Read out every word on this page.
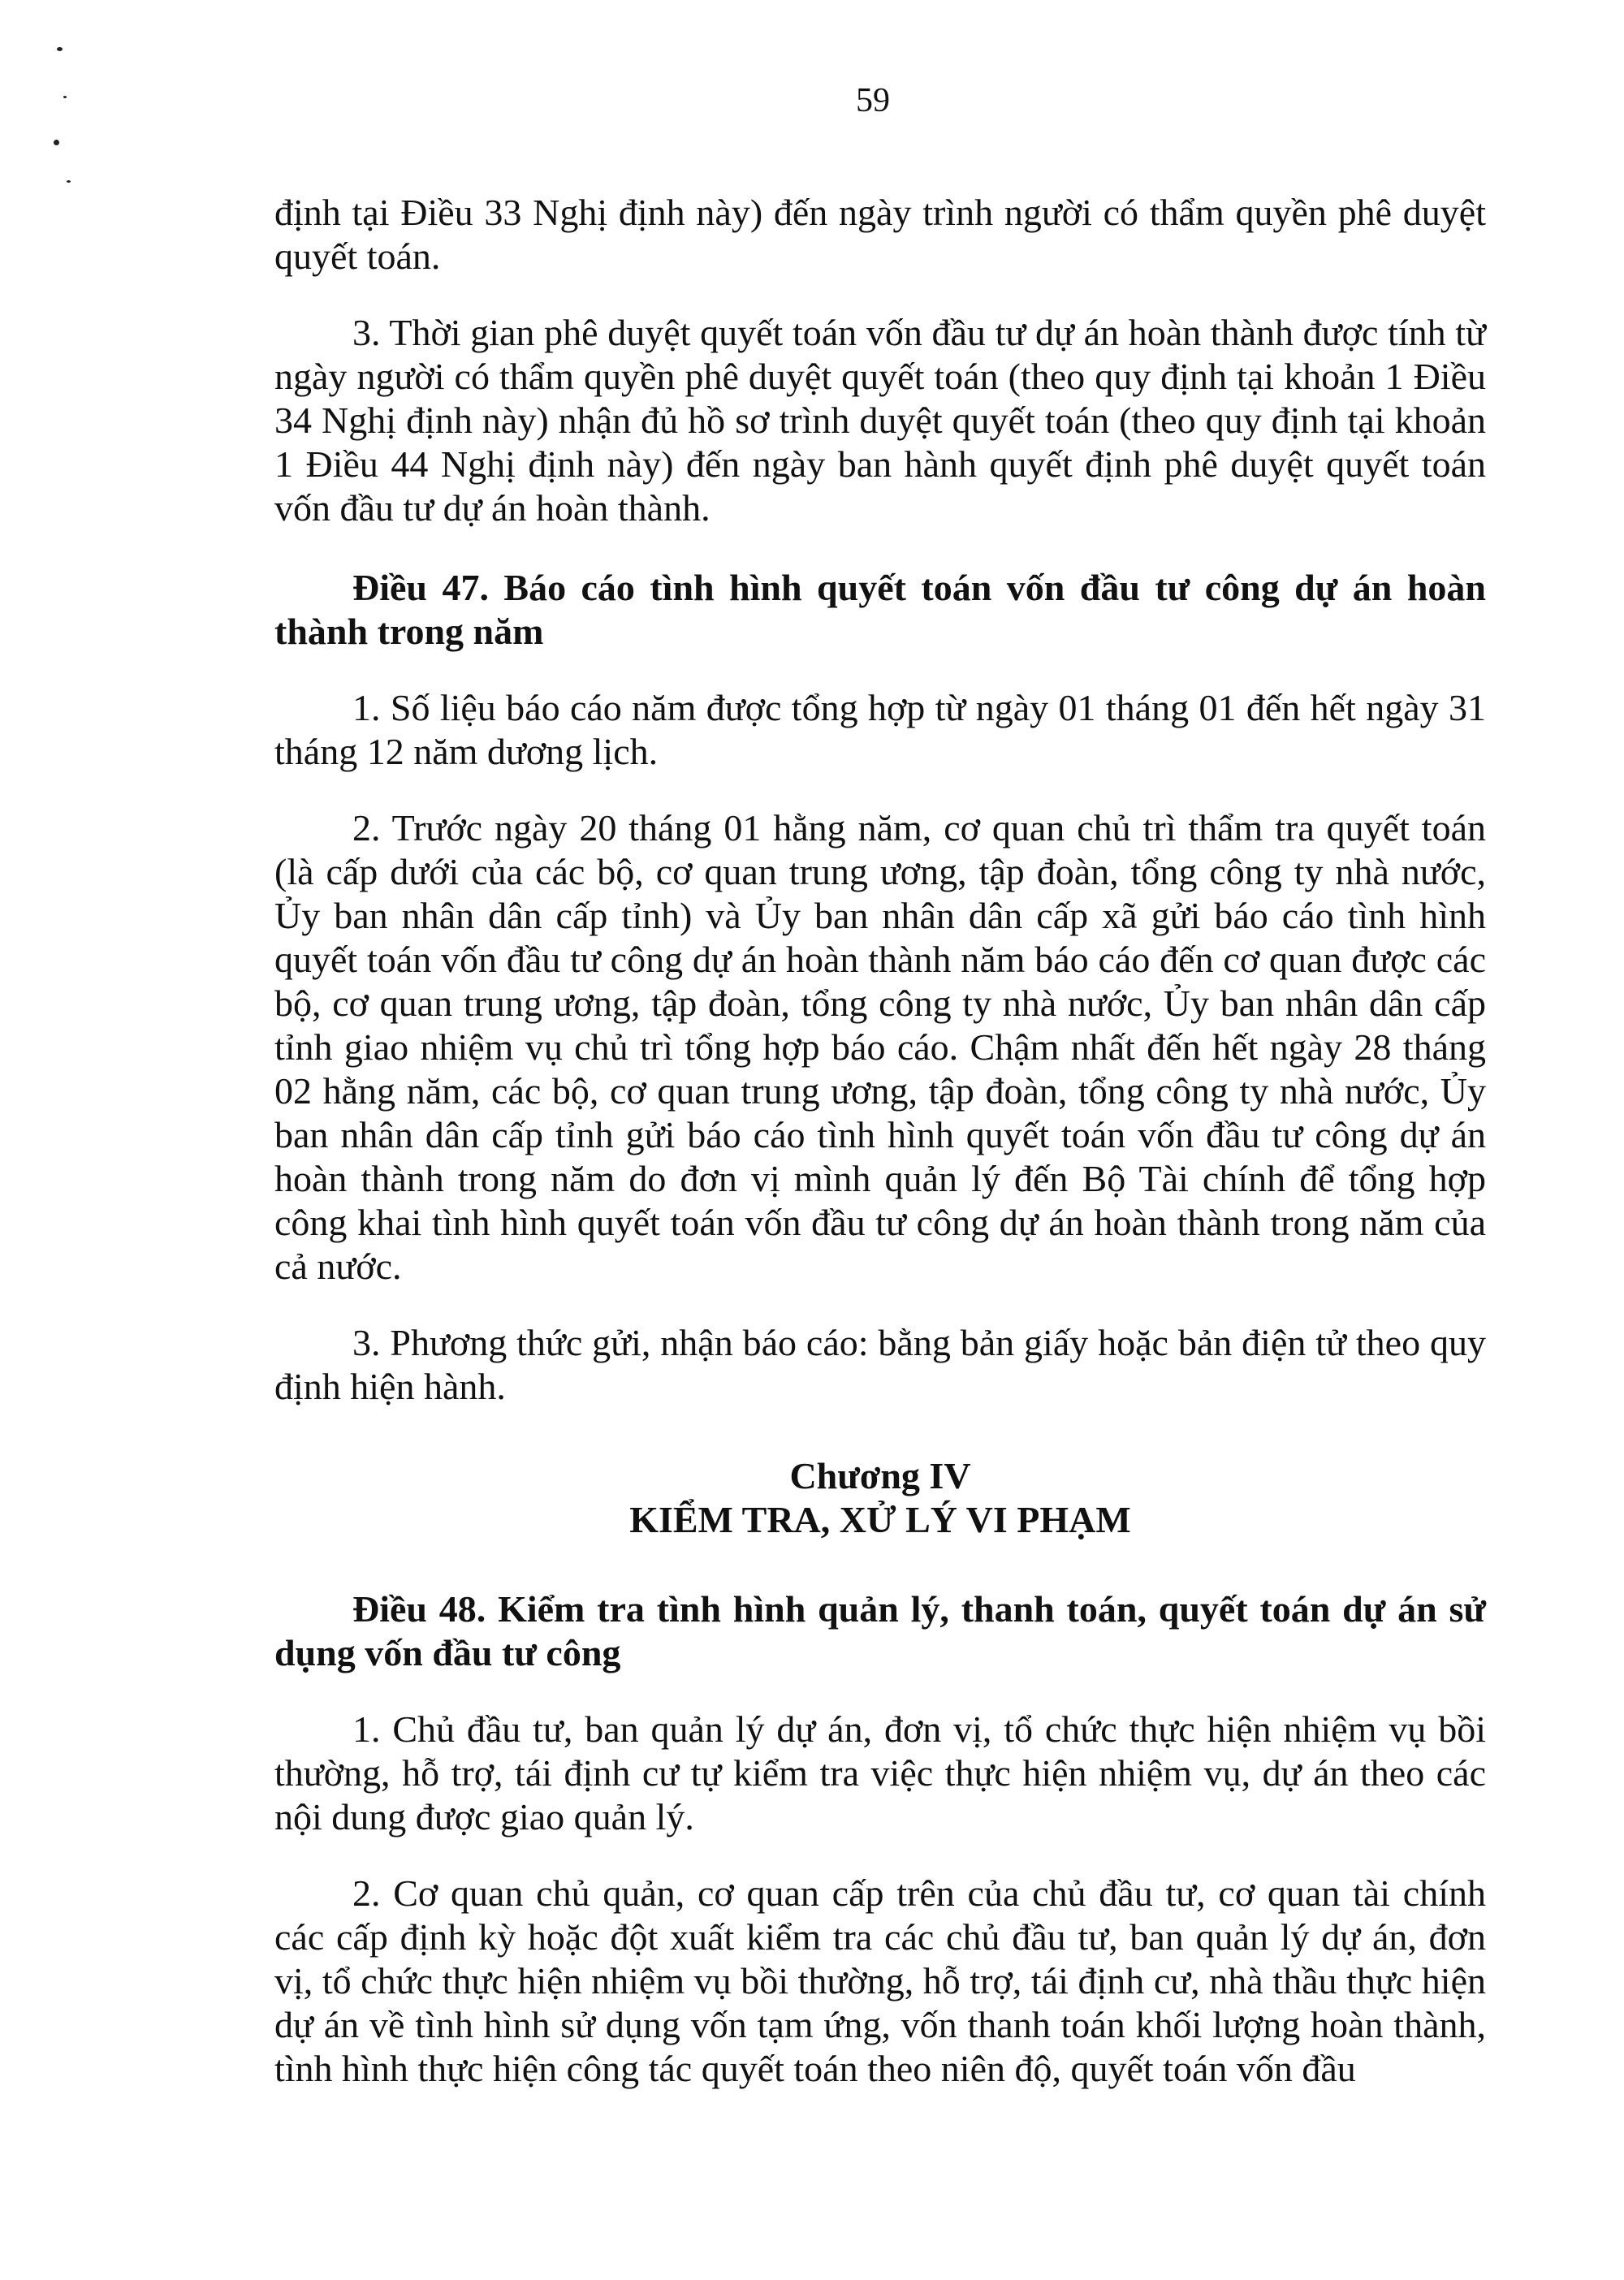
59

định tại Điều 33 Nghị định này) đến ngày trình người có thẩm quyền phê duyệt quyết toán.

3. Thời gian phê duyệt quyết toán vốn đầu tư dự án hoàn thành được tính từ ngày người có thẩm quyền phê duyệt quyết toán (theo quy định tại khoản 1 Điều 34 Nghị định này) nhận đủ hồ sơ trình duyệt quyết toán (theo quy định tại khoản 1 Điều 44 Nghị định này) đến ngày ban hành quyết định phê duyệt quyết toán vốn đầu tư dự án hoàn thành.

Điều 47. Báo cáo tình hình quyết toán vốn đầu tư công dự án hoàn thành trong năm

1. Số liệu báo cáo năm được tổng hợp từ ngày 01 tháng 01 đến hết ngày 31 tháng 12 năm dương lịch.

2. Trước ngày 20 tháng 01 hằng năm, cơ quan chủ trì thẩm tra quyết toán (là cấp dưới của các bộ, cơ quan trung ương, tập đoàn, tổng công ty nhà nước, Ủy ban nhân dân cấp tỉnh) và Ủy ban nhân dân cấp xã gửi báo cáo tình hình quyết toán vốn đầu tư công dự án hoàn thành năm báo cáo đến cơ quan được các bộ, cơ quan trung ương, tập đoàn, tổng công ty nhà nước, Ủy ban nhân dân cấp tỉnh giao nhiệm vụ chủ trì tổng hợp báo cáo. Chậm nhất đến hết ngày 28 tháng 02 hằng năm, các bộ, cơ quan trung ương, tập đoàn, tổng công ty nhà nước, Ủy ban nhân dân cấp tỉnh gửi báo cáo tình hình quyết toán vốn đầu tư công dự án hoàn thành trong năm do đơn vị mình quản lý đến Bộ Tài chính để tổng hợp công khai tình hình quyết toán vốn đầu tư công dự án hoàn thành trong năm của cả nước.

3. Phương thức gửi, nhận báo cáo: bằng bản giấy hoặc bản điện tử theo quy định hiện hành.

Chương IV

KIỂM TRA, XỬ LÝ VI PHẠM

Điều 48. Kiểm tra tình hình quản lý, thanh toán, quyết toán dự án sử dụng vốn đầu tư công

1. Chủ đầu tư, ban quản lý dự án, đơn vị, tổ chức thực hiện nhiệm vụ bồi thường, hỗ trợ, tái định cư tự kiểm tra việc thực hiện nhiệm vụ, dự án theo các nội dung được giao quản lý.

2. Cơ quan chủ quản, cơ quan cấp trên của chủ đầu tư, cơ quan tài chính các cấp định kỳ hoặc đột xuất kiểm tra các chủ đầu tư, ban quản lý dự án, đơn vị, tổ chức thực hiện nhiệm vụ bồi thường, hỗ trợ, tái định cư, nhà thầu thực hiện dự án về tình hình sử dụng vốn tạm ứng, vốn thanh toán khối lượng hoàn thành, tình hình thực hiện công tác quyết toán theo niên độ, quyết toán vốn đầu
